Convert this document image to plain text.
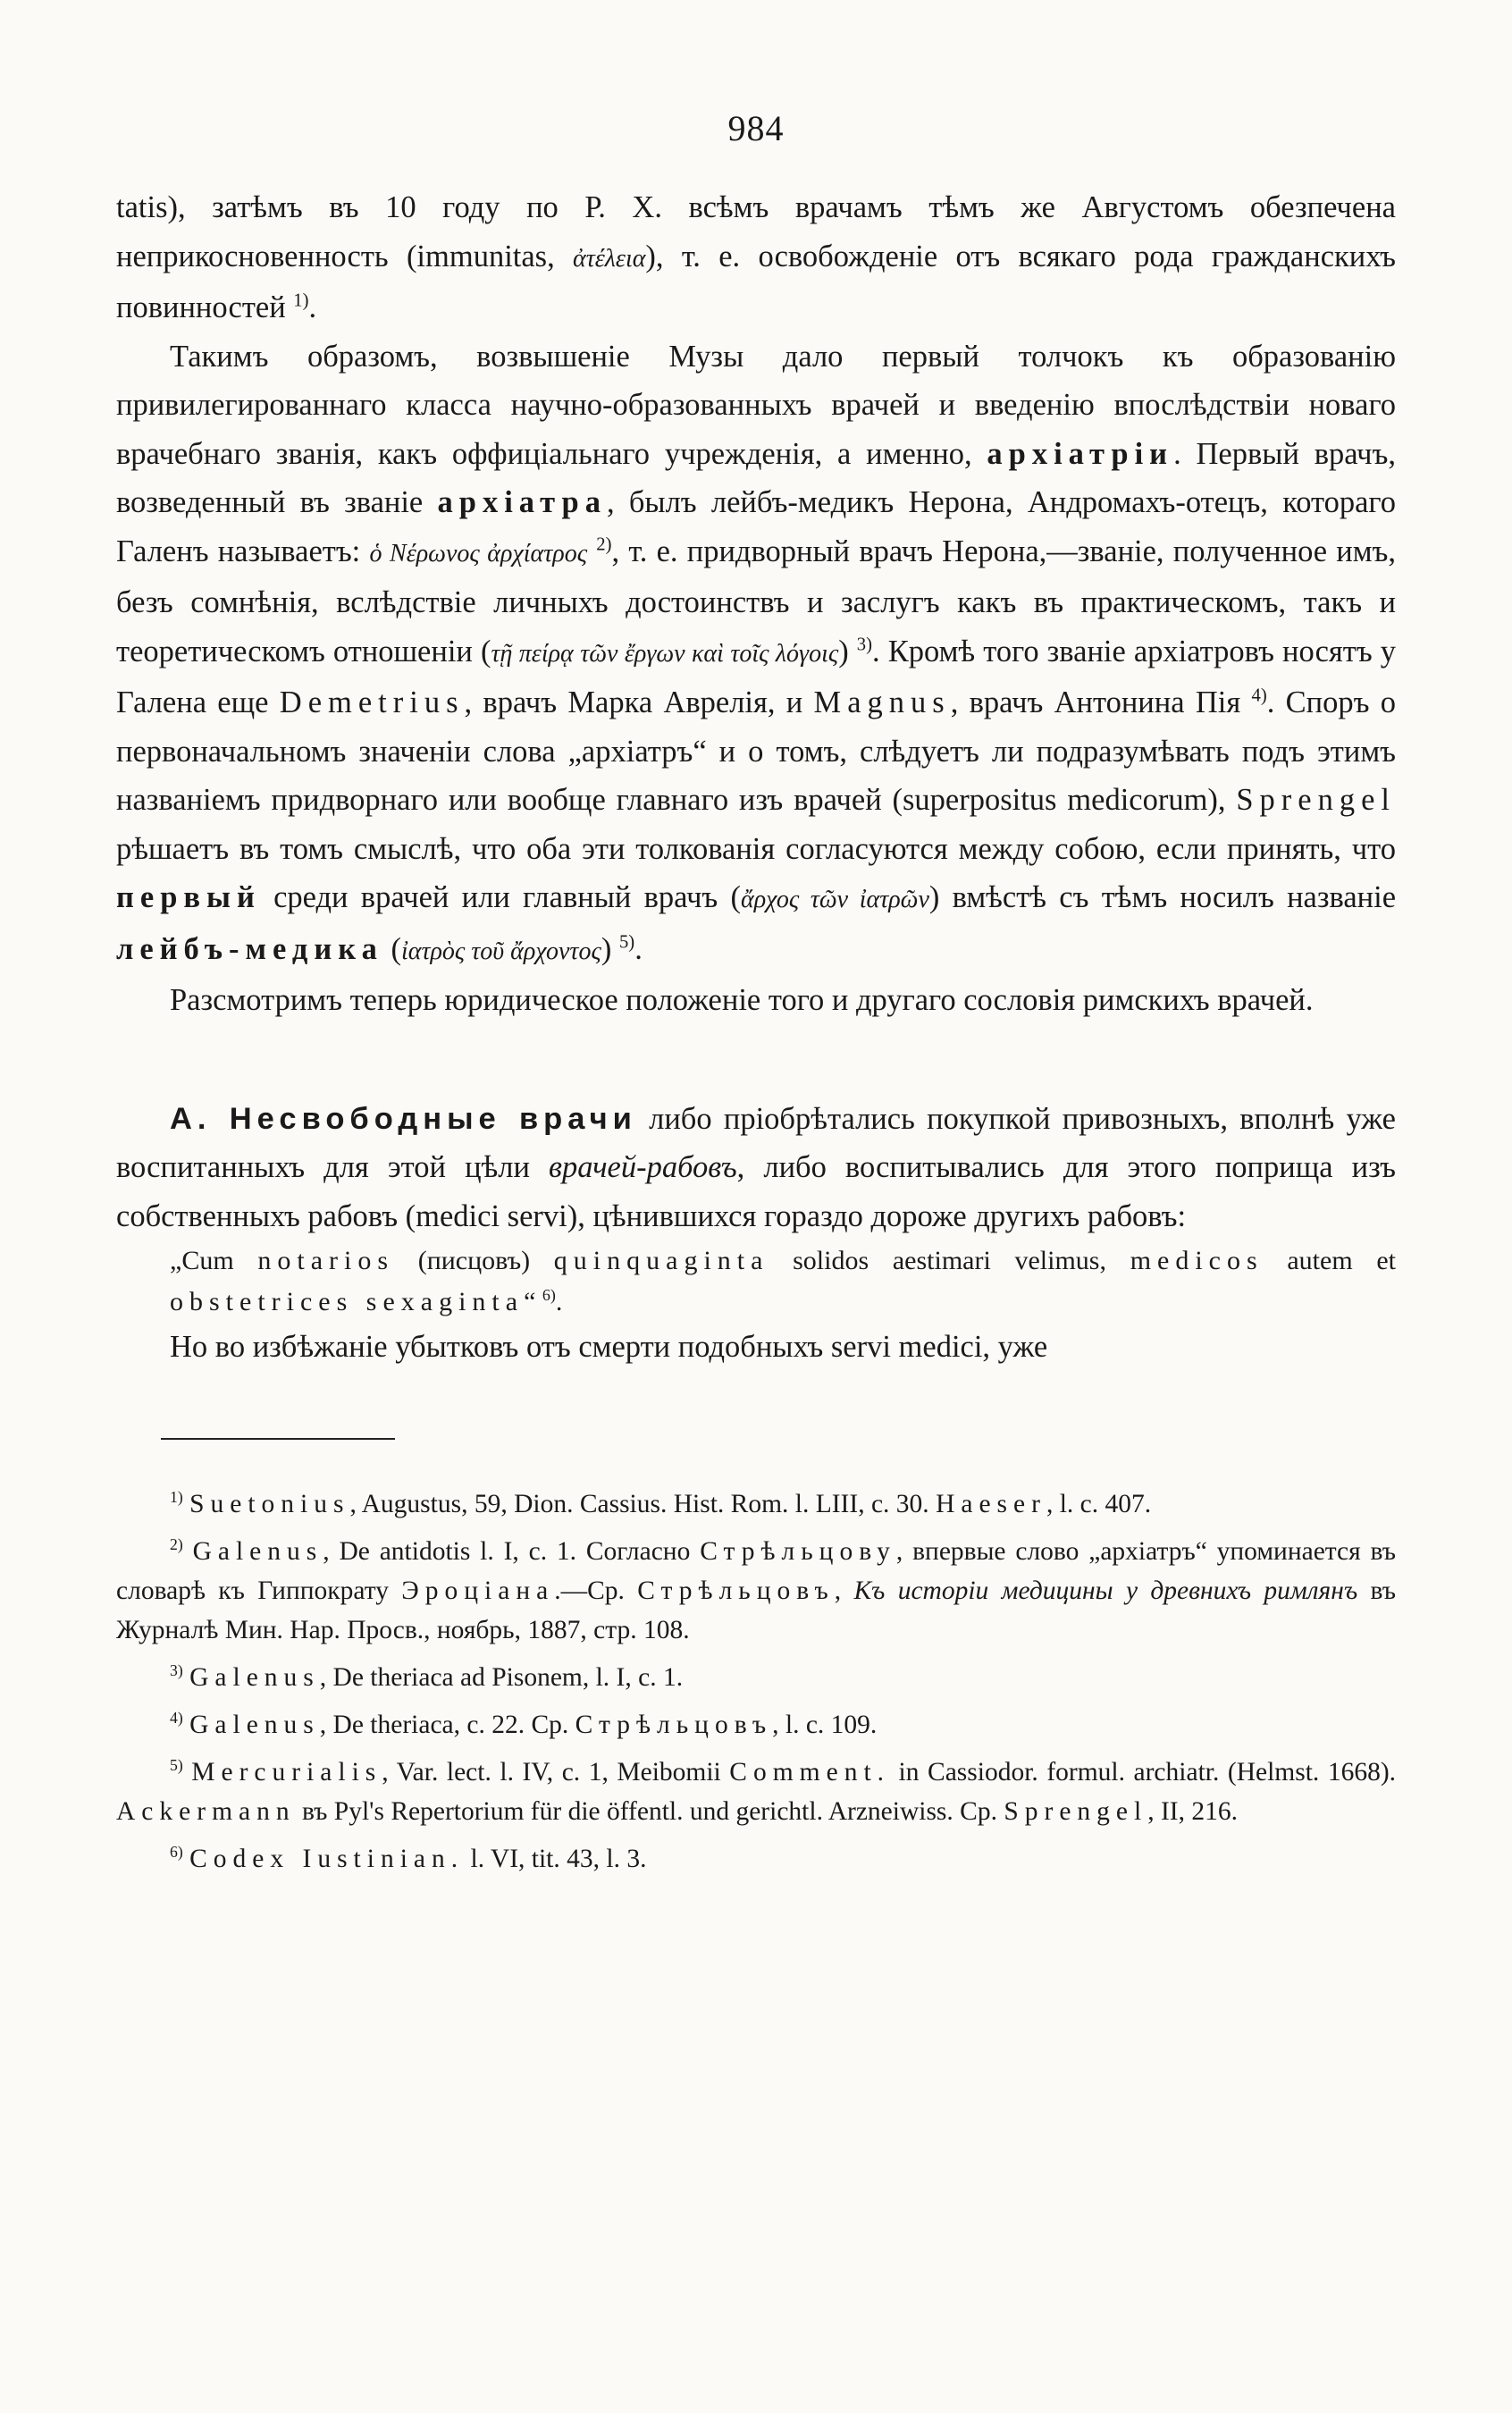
984

tatis), затѣмъ въ 10 году по Р. Х. всѣмъ врачамъ тѣмъ же Августомъ обезпечена неприкосновенность (immunitas, ἀτέλεια), т. е. освобожденіе отъ всякаго рода гражданскихъ повинностей $^{1)}$.

Такимъ образомъ, возвышеніе Музы дало первый толчокъ къ образованію привилегированнаго класса научно-образованныхъ врачей и введенію впослѣдствіи новаго врачебнаго званія, какъ оффиціальнаго учрежденія, а именно, архіатріи. Первый врачъ, возведенный въ званіе архіатра, былъ лейбъ-медикъ Нерона, Андромахъ-отецъ, котораго Галенъ называетъ: ὁ Νέρωνος ἀρχίατρος $^{2)}$, т. е. придворный врачъ Нерона,—званіе, полученное имъ, безъ сомнѣнія, вслѣдствіе личныхъ достоинствъ и заслугъ какъ въ практическомъ, такъ и теоретическомъ отношеніи (τῇ πείρᾳ τῶν ἔργων καὶ τοῖς λόγοις) $^{3)}$. Кромѣ того званіе архіатровъ носятъ у Галена еще Demetrius, врачъ Марка Аврелія, и Magnus, врачъ Антонина Пія $^{4)}$. Споръ о первоначальномъ значеніи слова „архіатръ“ и о томъ, слѣдуетъ ли подразумѣвать подъ этимъ названіемъ придворнаго или вообще главнаго изъ врачей (superpositus medicorum), Sprengel рѣшаетъ въ томъ смыслѣ, что оба эти толкованія согласуются между собою, если принять, что первый среди врачей или главный врачъ (ἄρχος τῶν ἰατρῶν) вмѣстѣ съ тѣмъ носилъ названіе лейбъ-медика (ἰατρὸς τοῦ ἄρχοντος) $^{5)}$.

Разсмотримъ теперь юридическое положеніе того и другаго сословія римскихъ врачей.

А. Несвободные врачи либо пріобрѣтались покупкой привозныхъ, вполнѣ уже воспитанныхъ для этой цѣли врачей-рабовъ, либо воспитывались для этого поприща изъ собственныхъ рабовъ (medici servi), цѣнившихся гораздо дороже другихъ рабовъ:

„Cum notarios (писцовъ) quinquaginta solidos aestimari velimus, medicos autem et obstetrices sexaginta“ $^{6)}$.

Но во избѣжаніе убытковъ отъ смерти подобныхъ servi medici, уже

$^{1)}$ Suetonius, Augustus, 59, Dion. Cassius. Hist. Rom. l. LIII, c. 30. Haeser, l. c. 407.

$^{2)}$ Galenus, De antidotis l. I, c. 1. Согласно Стрѣльцову, впервые слово „архіатръ“ упоминается въ словарѣ къ Гиппократу Эроціана.—Ср. Стрѣльцовъ, Къ исторіи медицины у древнихъ римлянъ въ Журналѣ Мин. Нар. Просв., ноябрь, 1887, стр. 108.

$^{3)}$ Galenus, De theriaca ad Pisonem, l. I, c. 1.

$^{4)}$ Galenus, De theriaca, c. 22. Ср. Стрѣльцовъ, l. c. 109.

$^{5)}$ Mercurialis, Var. lect. l. IV, c. 1, Meibomii Comment. in Cassiodor. formul. archiatr. (Helmst. 1668). Ackermann въ Pyl's Repertorium für die öffentl. und gerichtl. Arzneiwiss. Ср. Sprengel, II, 216.

$^{6)}$ Codex Iustinian. l. VI, tit. 43, l. 3.
